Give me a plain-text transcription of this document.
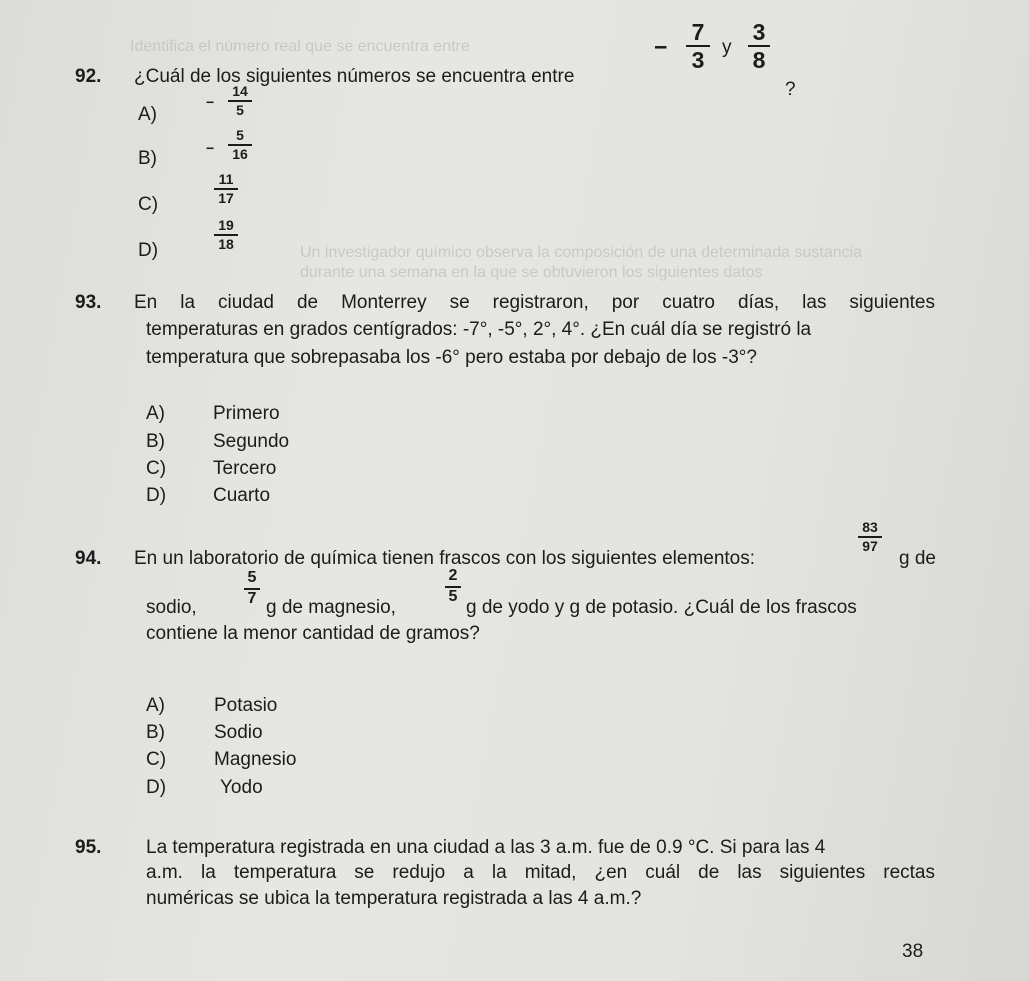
Identifica el número real que se encuentra entre
Un investigador químico observa la composición de una determinada sustancia
durante una semana en la que se obtuvieron los siguientes datos
92. ¿Cuál de los siguientes números se encuentra entre
−
7
3 y
3
8
?
A)
−
14
5
B)	−
5
16
C)
11
17
D)
19
18
93. En la ciudad de Monterrey se registraron, por cuatro días, las siguientes
temperaturas en grados centígrados: -7°, -5°, 2°, 4°. ¿En cuál día se registró la
temperatura que sobrepasaba los -6° pero estaba por debajo de los -3°?
A)	Primero
B)	Segundo
C) Tercero
D) Cuarto
94. En un laboratorio de química tienen frascos con los siguientes elementos:
83
97
g de
sodio,
5
7 g de magnesio,
2
5
g de yodo y g de potasio. ¿Cuál de los frascos
contiene la menor cantidad de gramos?
A)	Potasio
B)	Sodio
C)	Magnesio
D)	Yodo
95. La temperatura registrada en una ciudad a las 3 a.m. fue de 0.9 °C. Si para las 4
a.m. la temperatura se redujo a la mitad, ¿en cuál de las siguientes rectas
numéricas se ubica la temperatura registrada a las 4 a.m.?
38
